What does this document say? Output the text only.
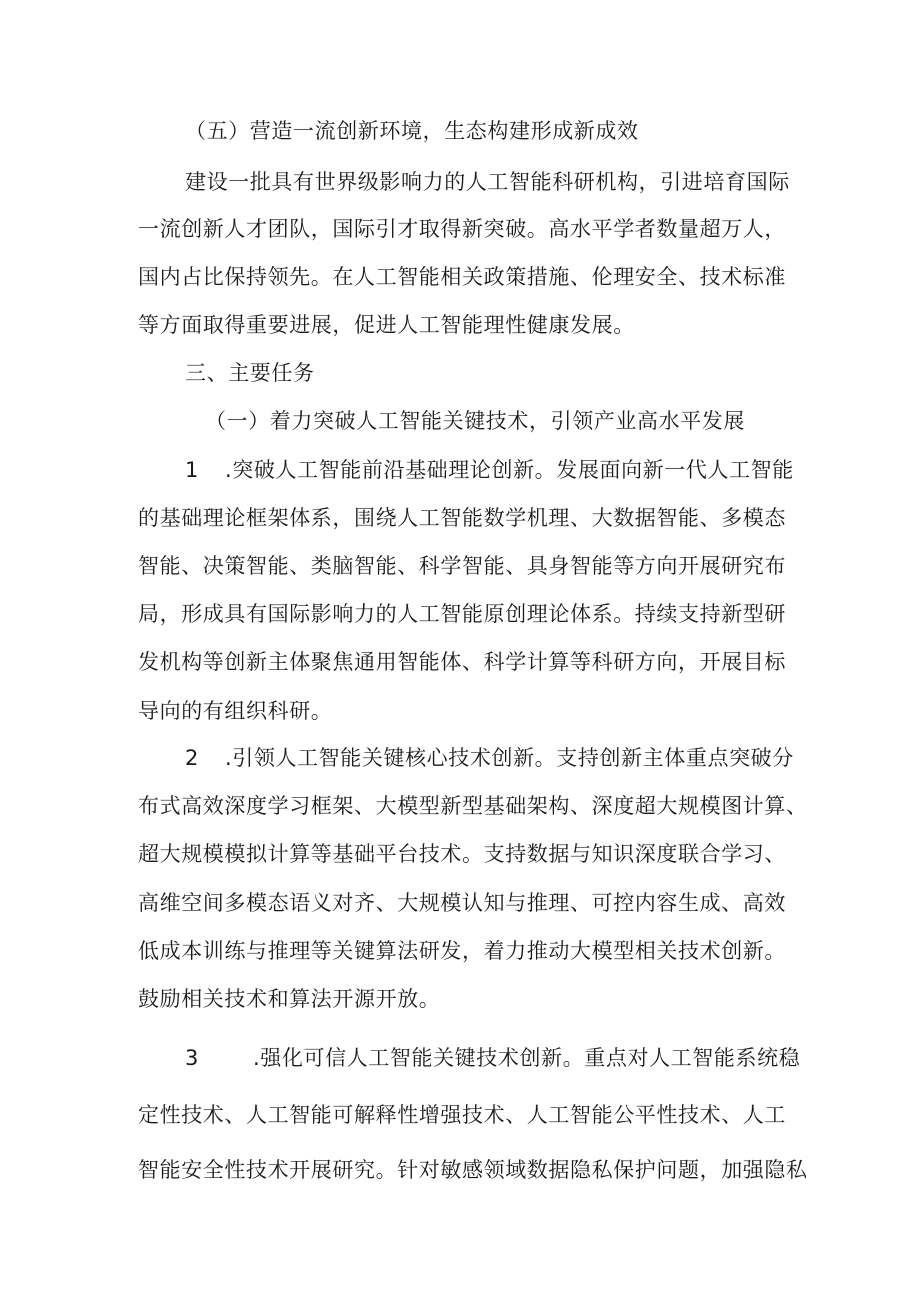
（五）营造一流创新环境，生态构建形成新成效
建设一批具有世界级影响力的人工智能科研机构，引进培育国际
一流创新人才团队，国际引才取得新突破。高水平学者数量超万人，
国内占比保持领先。在人工智能相关政策措施、伦理安全、技术标准
等方面取得重要进展，促进人工智能理性健康发展。
三、主要任务
（一）着力突破人工智能关键技术，引领产业高水平发展
1 .突破人工智能前沿基础理论创新。发展面向新一代人工智能
的基础理论框架体系，围绕人工智能数学机理、大数据智能、多模态
智能、决策智能、类脑智能、科学智能、具身智能等方向开展研究布
局，形成具有国际影响力的人工智能原创理论体系。持续支持新型研
发机构等创新主体聚焦通用智能体、科学计算等科研方向，开展目标
导向的有组织科研。
2 .引领人工智能关键核心技术创新。支持创新主体重点突破分
布式高效深度学习框架、大模型新型基础架构、深度超大规模图计算、
超大规模模拟计算等基础平台技术。支持数据与知识深度联合学习、
高维空间多模态语义对齐、大规模认知与推理、可控内容生成、高效
低成本训练与推理等关键算法研发，着力推动大模型相关技术创新。
鼓励相关技术和算法开源开放。
3	.强化可信人工智能关键技术创新。重点对人工智能系统稳
定性技术、人工智能可解释性增强技术、人工智能公平性技术、人工
智能安全性技术开展研究。针对敏感领域数据隐私保护问题，加强隐私
